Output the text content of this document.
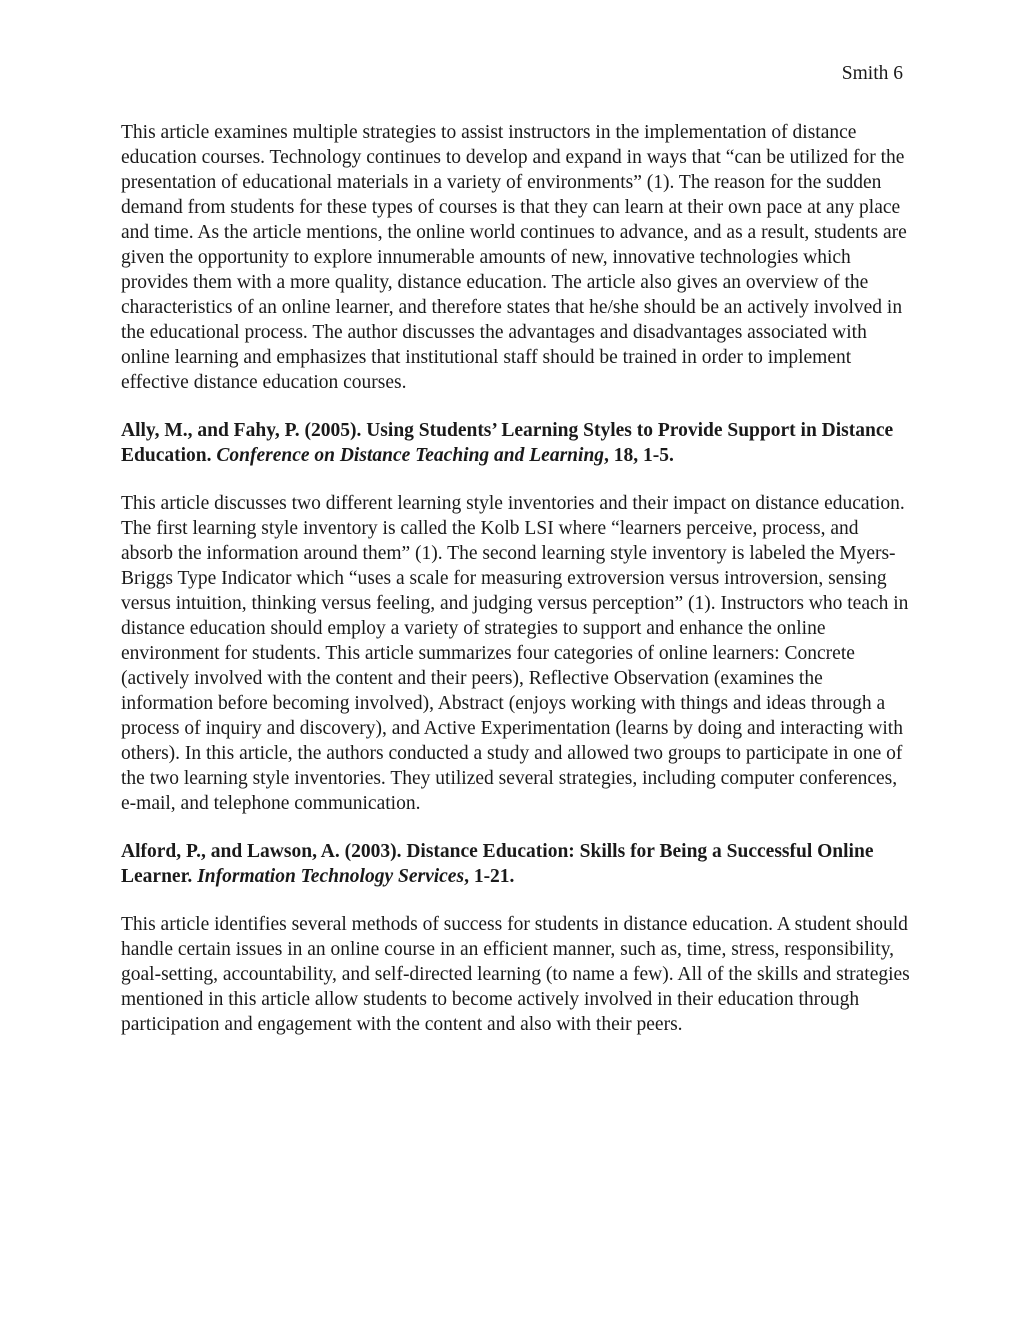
Smith 6

This article examines multiple strategies to assist instructors in the implementation of distance education courses. Technology continues to develop and expand in ways that “can be utilized for the presentation of educational materials in a variety of environments” (1). The reason for the sudden demand from students for these types of courses is that they can learn at their own pace at any place and time. As the article mentions, the online world continues to advance, and as a result, students are given the opportunity to explore innumerable amounts of new, innovative technologies which provides them with a more quality, distance education. The article also gives an overview of the characteristics of an online learner, and therefore states that he/she should be an actively involved in the educational process. The author discusses the advantages and disadvantages associated with online learning and emphasizes that institutional staff should be trained in order to implement effective distance education courses.

Ally, M., and Fahy, P. (2005). Using Students’ Learning Styles to Provide Support in Distance Education. Conference on Distance Teaching and Learning, 18, 1-5.

This article discusses two different learning style inventories and their impact on distance education. The first learning style inventory is called the Kolb LSI where “learners perceive, process, and absorb the information around them” (1). The second learning style inventory is labeled the Myers-Briggs Type Indicator which “uses a scale for measuring extroversion versus introversion, sensing versus intuition, thinking versus feeling, and judging versus perception” (1). Instructors who teach in distance education should employ a variety of strategies to support and enhance the online environment for students. This article summarizes four categories of online learners: Concrete (actively involved with the content and their peers), Reflective Observation (examines the information before becoming involved), Abstract (enjoys working with things and ideas through a process of inquiry and discovery), and Active Experimentation (learns by doing and interacting with others). In this article, the authors conducted a study and allowed two groups to participate in one of the two learning style inventories. They utilized several strategies, including computer conferences, e-mail, and telephone communication.

Alford, P., and Lawson, A. (2003). Distance Education: Skills for Being a Successful Online Learner. Information Technology Services, 1-21.

This article identifies several methods of success for students in distance education. A student should handle certain issues in an online course in an efficient manner, such as, time, stress, responsibility, goal-setting, accountability, and self-directed learning (to name a few). All of the skills and strategies mentioned in this article allow students to become actively involved in their education through participation and engagement with the content and also with their peers.
